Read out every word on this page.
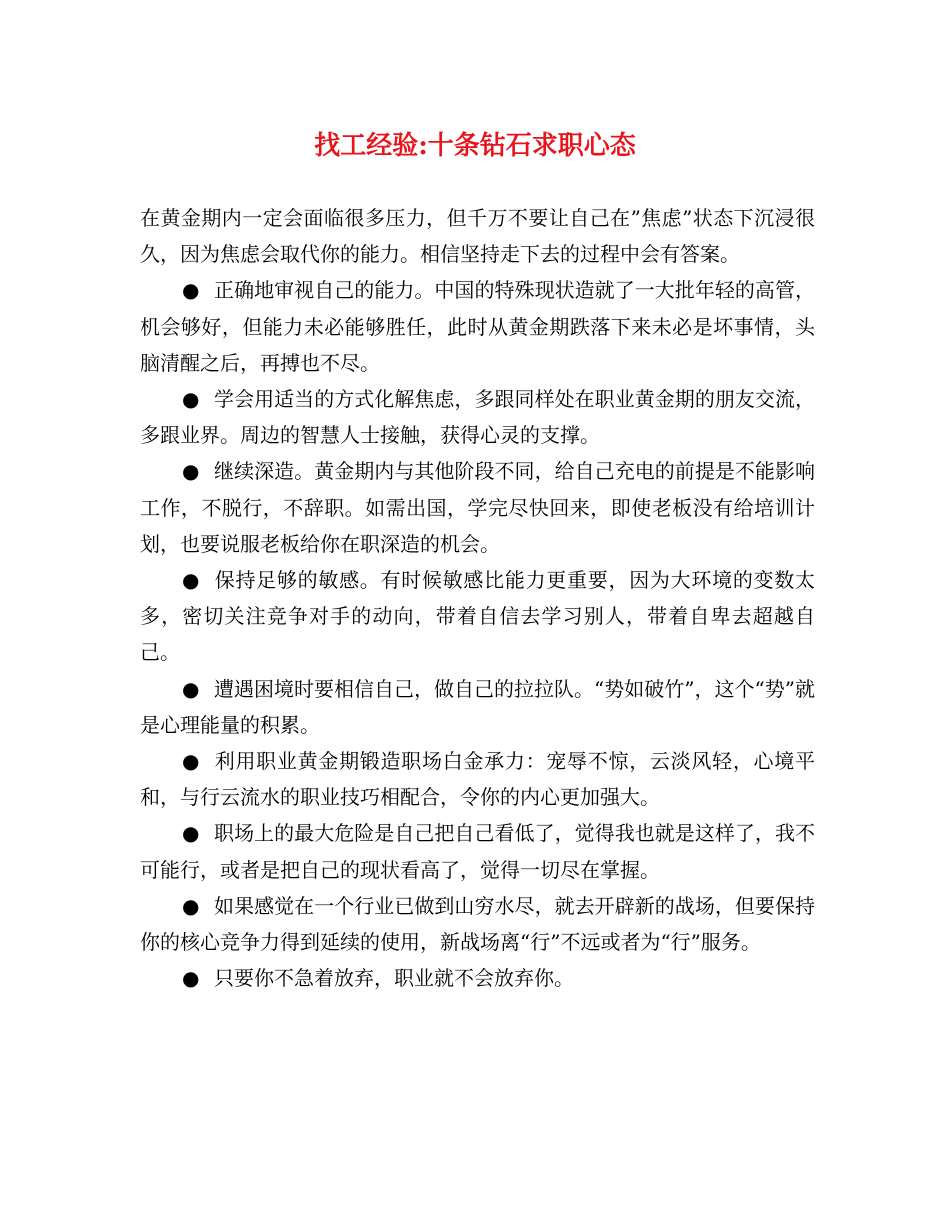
找工经验:十条钻石求职心态

在黄金期内一定会面临很多压力，但千万不要让自己在”焦虑”状态下沉浸很久，因为焦虑会取代你的能力。相信坚持走下去的过程中会有答案。

● 正确地审视自己的能力。中国的特殊现状造就了一大批年轻的高管，机会够好，但能力未必能够胜任，此时从黄金期跌落下来未必是坏事情，头脑清醒之后，再搏也不尽。

● 学会用适当的方式化解焦虑，多跟同样处在职业黄金期的朋友交流，多跟业界。周边的智慧人士接触，获得心灵的支撑。

● 继续深造。黄金期内与其他阶段不同，给自己充电的前提是不能影响工作，不脱行，不辞职。如需出国，学完尽快回来，即使老板没有给培训计划，也要说服老板给你在职深造的机会。

● 保持足够的敏感。有时候敏感比能力更重要，因为大环境的变数太多，密切关注竞争对手的动向，带着自信去学习别人，带着自卑去超越自己。

● 遭遇困境时要相信自己，做自己的拉拉队。“势如破竹”，这个“势”就是心理能量的积累。

● 利用职业黄金期锻造职场白金承力：宠辱不惊，云淡风轻，心境平和，与行云流水的职业技巧相配合，令你的内心更加强大。

● 职场上的最大危险是自己把自己看低了，觉得我也就是这样了，我不可能行，或者是把自己的现状看高了，觉得一切尽在掌握。

● 如果感觉在一个行业已做到山穷水尽，就去开辟新的战场，但要保持你的核心竞争力得到延续的使用，新战场离“行”不远或者为“行”服务。

● 只要你不急着放弃，职业就不会放弃你。
